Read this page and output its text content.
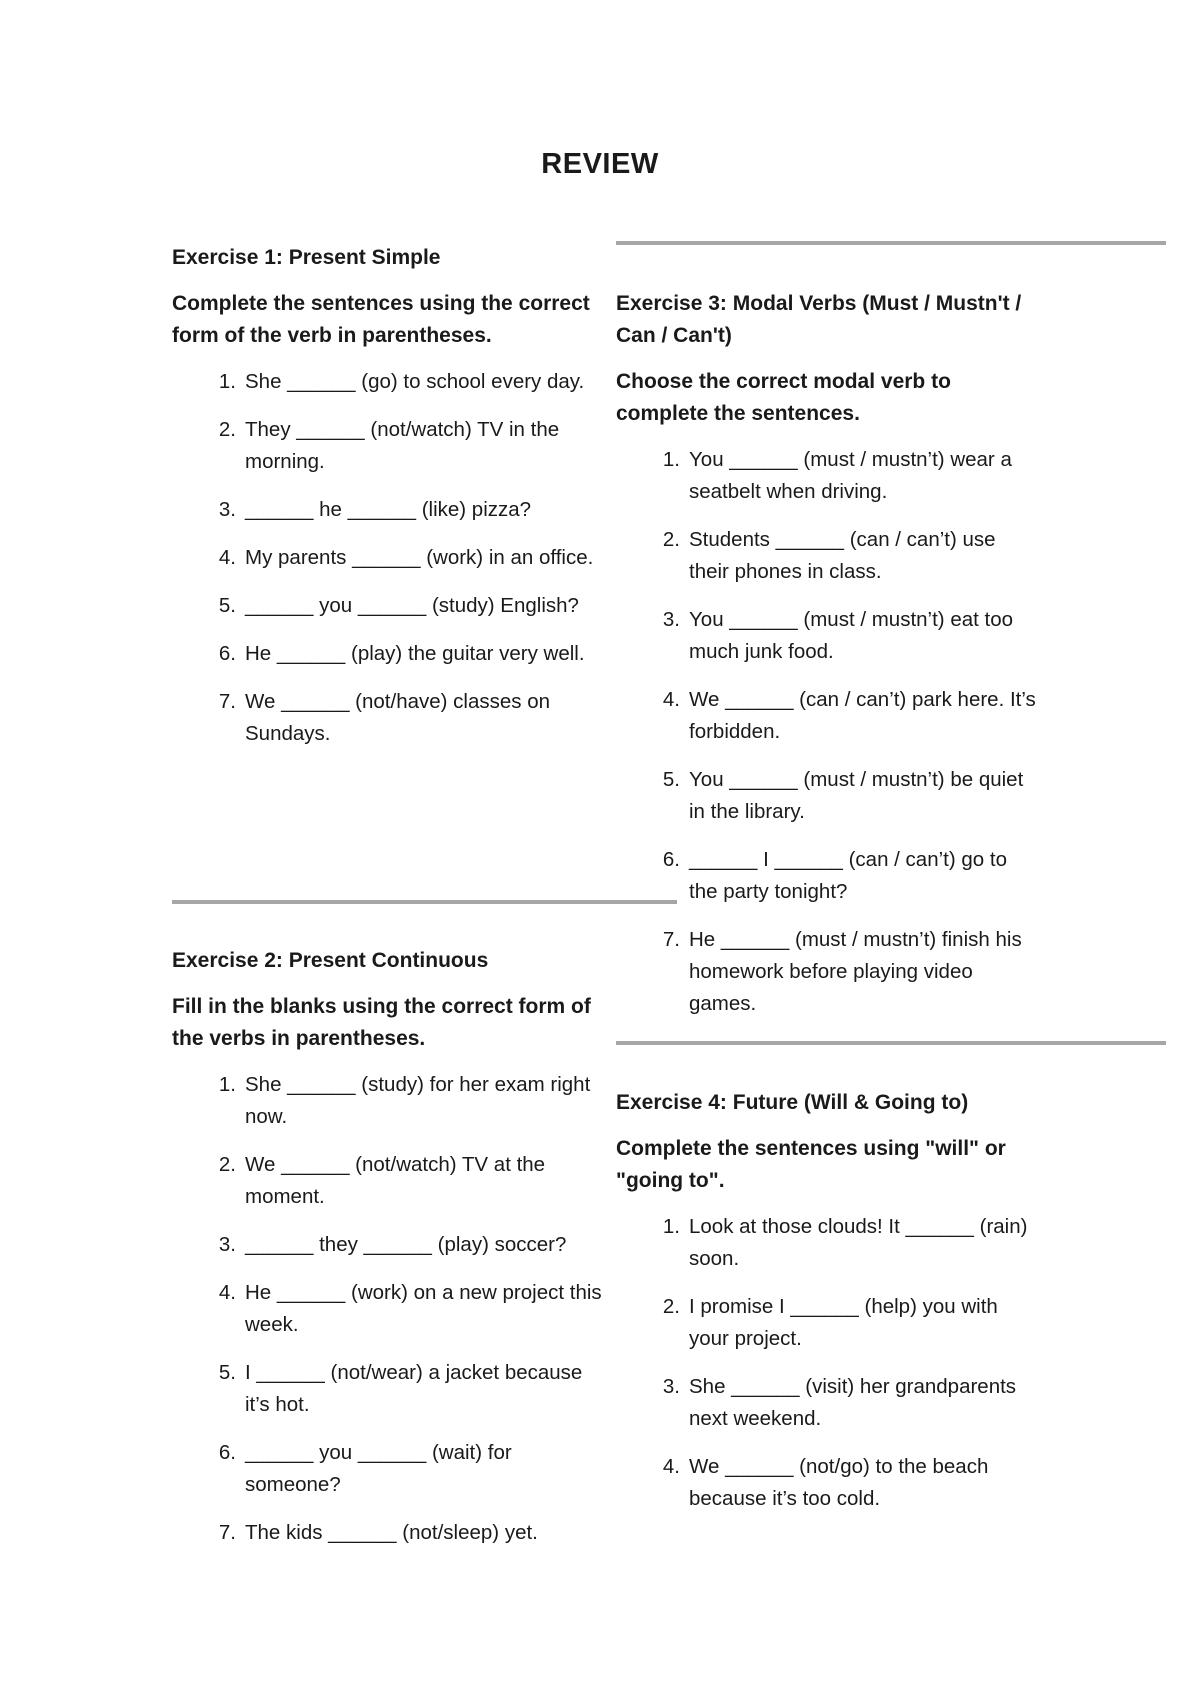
REVIEW
Exercise 1: Present Simple
Complete the sentences using the correct form of the verb in parentheses.
1. She ______ (go) to school every day.
2. They ______ (not/watch) TV in the morning.
3. ______ he ______ (like) pizza?
4. My parents ______ (work) in an office.
5. ______ you ______ (study) English?
6. He ______ (play) the guitar very well.
7. We ______ (not/have) classes on Sundays.
Exercise 2: Present Continuous
Fill in the blanks using the correct form of the verbs in parentheses.
1. She ______ (study) for her exam right now.
2. We ______ (not/watch) TV at the moment.
3. ______ they ______ (play) soccer?
4. He ______ (work) on a new project this week.
5. I ______ (not/wear) a jacket because it’s hot.
6. ______ you ______ (wait) for someone?
7. The kids ______ (not/sleep) yet.
Exercise 3: Modal Verbs (Must / Mustn't / Can / Can't)
Choose the correct modal verb to complete the sentences.
1. You ______ (must / mustn’t) wear a seatbelt when driving.
2. Students ______ (can / can’t) use their phones in class.
3. You ______ (must / mustn’t) eat too much junk food.
4. We ______ (can / can’t) park here. It’s forbidden.
5. You ______ (must / mustn’t) be quiet in the library.
6. ______ I ______ (can / can’t) go to the party tonight?
7. He ______ (must / mustn’t) finish his homework before playing video games.
Exercise 4: Future (Will & Going to)
Complete the sentences using "will" or "going to".
1. Look at those clouds! It ______ (rain) soon.
2. I promise I ______ (help) you with your project.
3. She ______ (visit) her grandparents next weekend.
4. We ______ (not/go) to the beach because it’s too cold.
